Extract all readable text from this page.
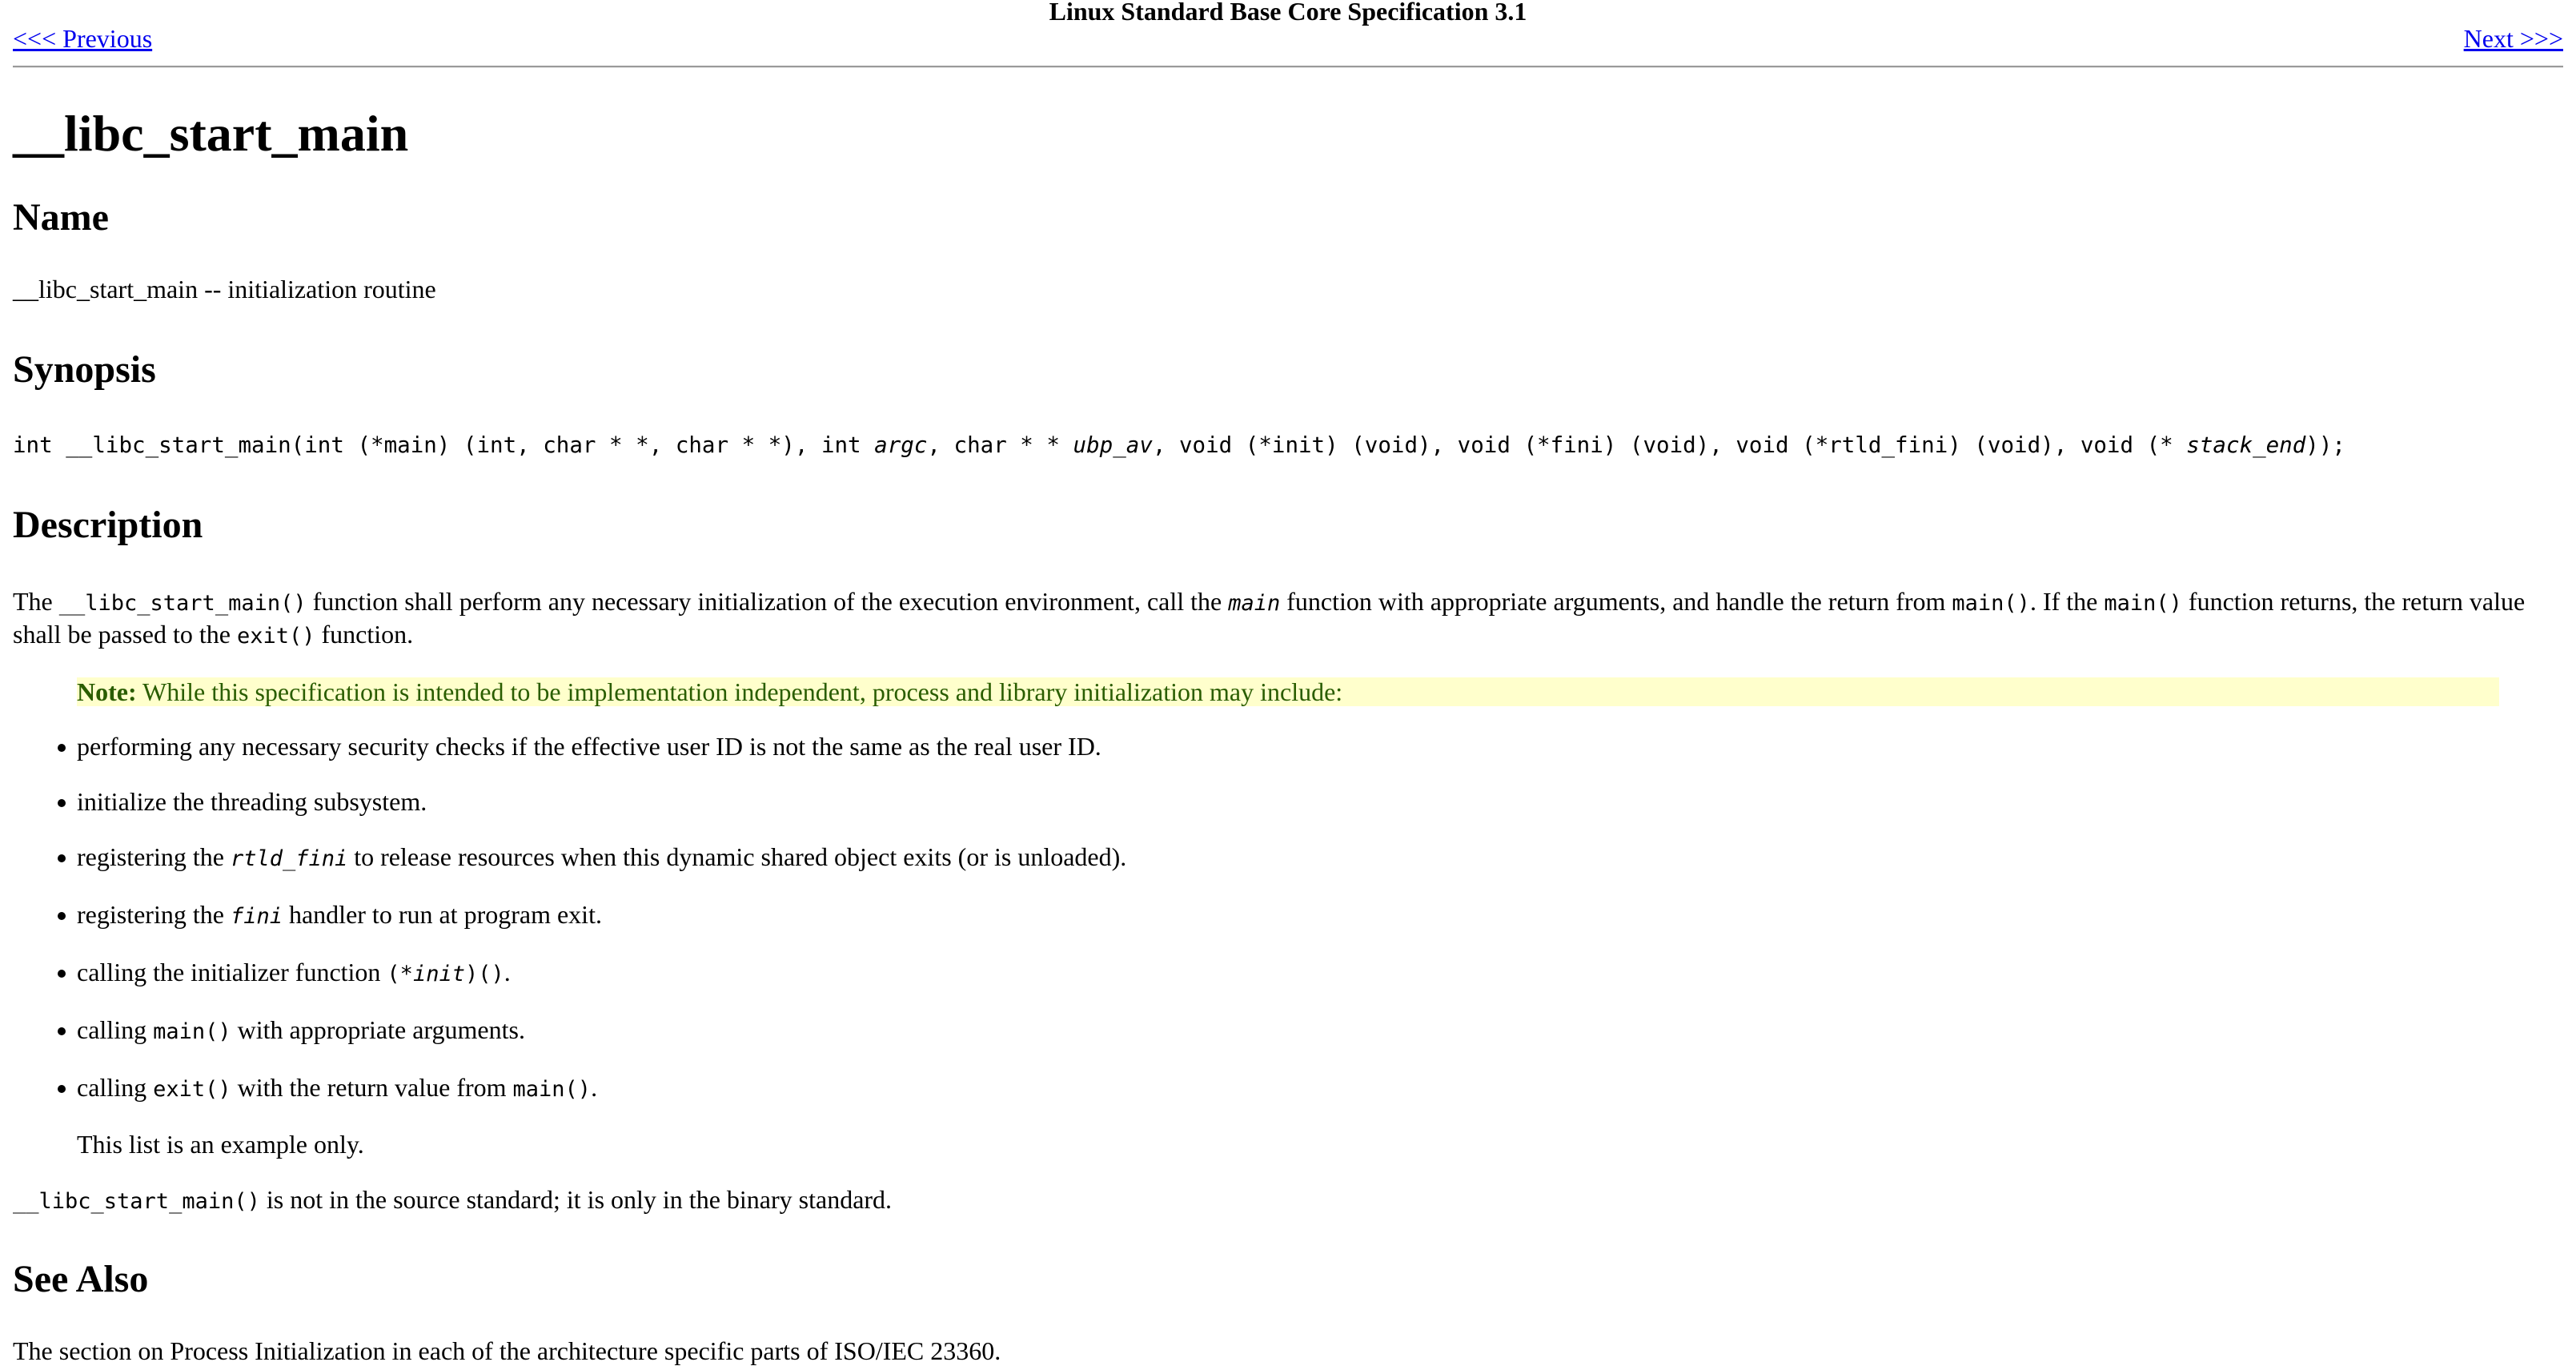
Linux Standard Base Core Specification 3.1
<<< Previous	Next >>>
__libc_start_main
Name

__libc_start_main -- initialization routine

Synopsis

int __libc_start_main(int (*main) (int, char * *, char * *), int argc, char * * ubp_av, void (*init) (void), void (*fini) (void), void (*rtld_fini) (void), void (* stack_end));

Description

The __libc_start_main() function shall perform any necessary initialization of the execution environment, call the main function with appropriate arguments, and handle the return from main(). If the main() function returns, the return value shall be passed to the exit() function.

Note: While this specification is intended to be implementation independent, process and library initialization may include:

performing any necessary security checks if the effective user ID is not the same as the real user ID.
initialize the threading subsystem.
registering the rtld_fini to release resources when this dynamic shared object exits (or is unloaded).
registering the fini handler to run at program exit.
calling the initializer function (*init)().
calling main() with appropriate arguments.
calling exit() with the return value from main().

This list is an example only.

__libc_start_main() is not in the source standard; it is only in the binary standard.

See Also

The section on Process Initialization in each of the architecture specific parts of ISO/IEC 23360.
